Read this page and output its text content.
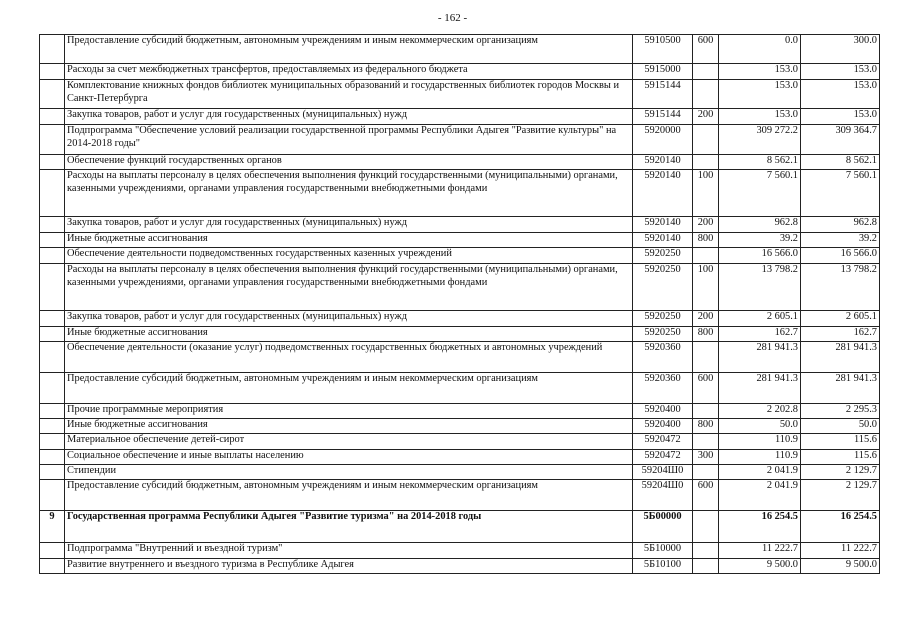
- 162 -
	Предоставление субсидий бюджетным, автономным учреждениям и иным некоммерческим организациям	5910500	600	0.0	300.0
	Расходы за счет межбюджетных трансфертов, предоставляемых из федерального бюджета	5915000		153.0	153.0
	Комплектование книжных фондов библиотек муниципальных образований и государственных библиотек городов Москвы и Санкт-Петербурга	5915144		153.0	153.0
	Закупка товаров, работ и услуг для государственных (муниципальных) нужд	5915144	200	153.0	153.0
	Подпрограмма "Обеспечение условий реализации государственной программы Республики Адыгея "Развитие культуры" на 2014-2018 годы"	5920000		309 272.2	309 364.7
	Обеспечение функций государственных органов	5920140		8 562.1	8 562.1
	Расходы на выплаты персоналу в целях обеспечения выполнения функций государственными (муниципальными) органами, казенными учреждениями, органами управления государственными внебюджетными фондами	5920140	100	7 560.1	7 560.1
	Закупка товаров, работ и услуг для государственных (муниципальных) нужд	5920140	200	962.8	962.8
	Иные бюджетные ассигнования	5920140	800	39.2	39.2
	Обеспечение деятельности подведомственных государственных казенных учреждений	5920250		16 566.0	16 566.0
	Расходы на выплаты персоналу в целях обеспечения выполнения функций государственными (муниципальными) органами, казенными учреждениями, органами управления государственными внебюджетными фондами	5920250	100	13 798.2	13 798.2
	Закупка товаров, работ и услуг для государственных (муниципальных) нужд	5920250	200	2 605.1	2 605.1
	Иные бюджетные ассигнования	5920250	800	162.7	162.7
	Обеспечение деятельности (оказание услуг) подведомственных государственных бюджетных и автономных учреждений	5920360		281 941.3	281 941.3
	Предоставление субсидий бюджетным, автономным учреждениям и иным некоммерческим организациям	5920360	600	281 941.3	281 941.3
	Прочие программные мероприятия	5920400		2 202.8	2 295.3
	Иные бюджетные ассигнования	5920400	800	50.0	50.0
	Материальное обеспечение детей-сирот	5920472		110.9	115.6
	Социальное обеспечение и иные выплаты населению	5920472	300	110.9	115.6
	Стипендии	59204Ш0		2 041.9	2 129.7
	Предоставление субсидий бюджетным, автономным учреждениям и иным некоммерческим организациям	59204Ш0	600	2 041.9	2 129.7
9	Государственная программа Республики Адыгея "Развитие туризма" на 2014-2018 годы	5Б00000		16 254.5	16 254.5
	Подпрограмма "Внутренний и въездной туризм"	5Б10000		11 222.7	11 222.7
	Развитие внутреннего и въездного туризма в Республике Адыгея	5Б10100		9 500.0	9 500.0
